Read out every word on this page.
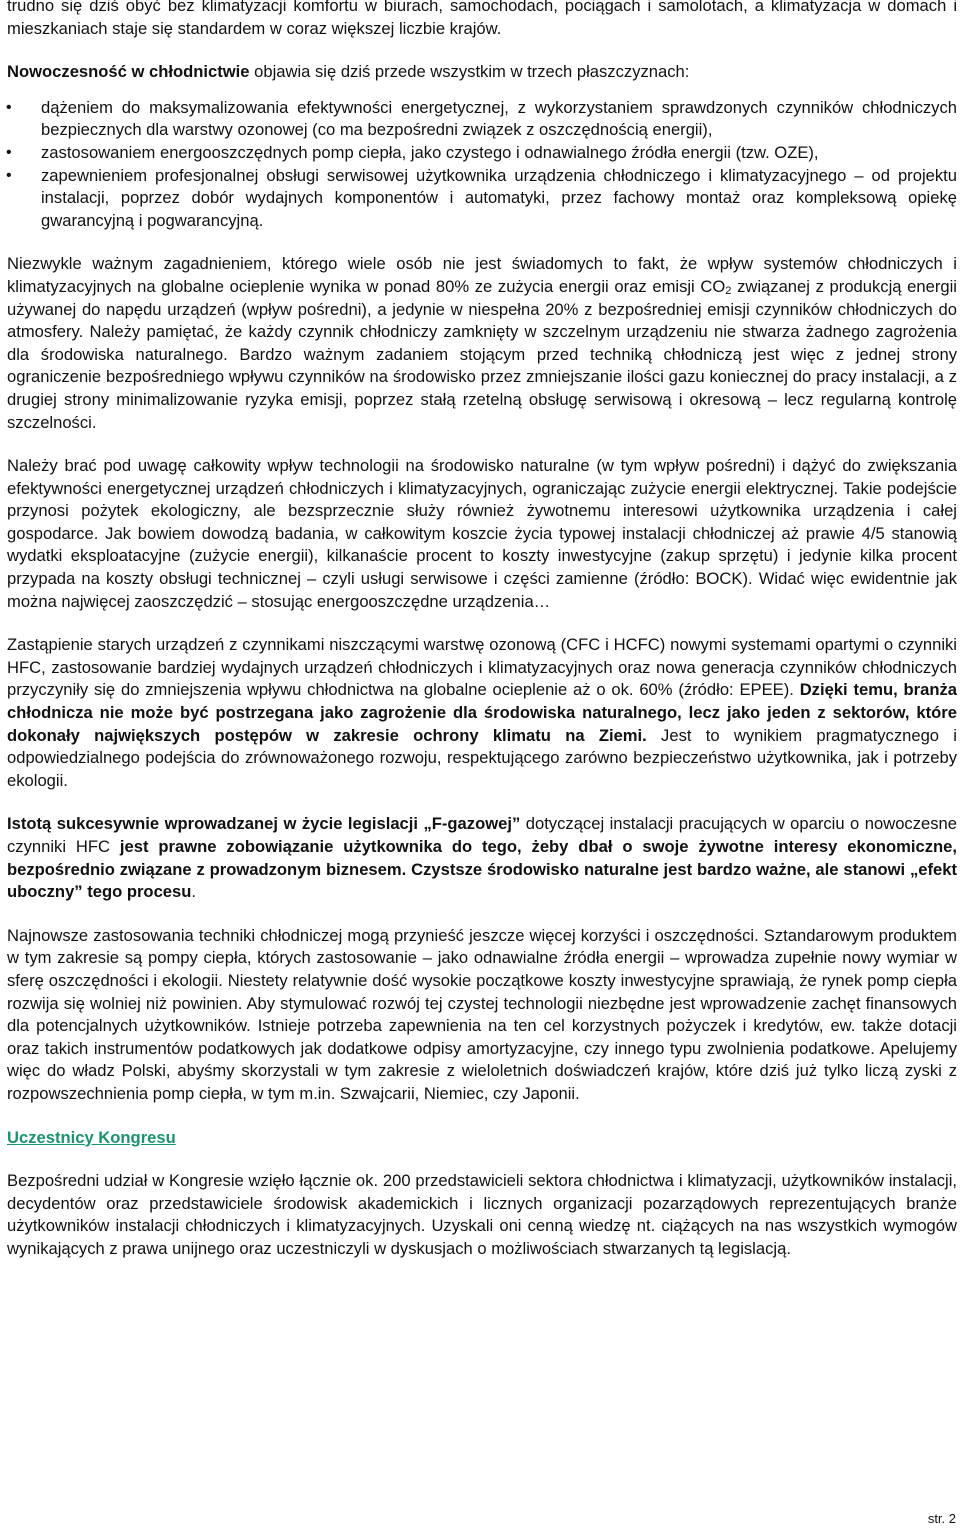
trudno się dziś obyć bez klimatyzacji komfortu w biurach, samochodach, pociągach i samolotach, a klimatyzacja w domach i mieszkaniach staje się standardem w coraz większej liczbie krajów.

Nowoczesność w chłodnictwie objawia się dziś przede wszystkim w trzech płaszczyznach:

• dążeniem do maksymalizowania efektywności energetycznej, z wykorzystaniem sprawdzonych czynników chłodniczych bezpiecznych dla warstwy ozonowej (co ma bezpośredni związek z oszczędnością energii),
• zastosowaniem energooszczędnych pomp ciepła, jako czystego i odnawialnego źródła energii (tzw. OZE),
• zapewnieniem profesjonalnej obsługi serwisowej użytkownika urządzenia chłodniczego i klimatyzacyjnego – od projektu instalacji, poprzez dobór wydajnych komponentów i automatyki, przez fachowy montaż oraz kompleksową opiekę gwarancyjną i pogwarancyjną.

Niezwykle ważnym zagadnieniem, którego wiele osób nie jest świadomych to fakt, że wpływ systemów chłodniczych i klimatyzacyjnych na globalne ocieplenie wynika w ponad 80% ze zużycia energii oraz emisji $CO_2$ związanej z produkcją energii używanej do napędu urządzeń (wpływ pośredni), a jedynie w niespełna 20% z bezpośredniej emisji czynników chłodniczych do atmosfery. Należy pamiętać, że każdy czynnik chłodniczy zamknięty w szczelnym urządzeniu nie stwarza żadnego zagrożenia dla środowiska naturalnego. Bardzo ważnym zadaniem stojącym przed techniką chłodniczą jest więc z jednej strony ograniczenie bezpośredniego wpływu czynników na środowisko przez zmniejszanie ilości gazu koniecznej do pracy instalacji, a z drugiej strony minimalizowanie ryzyka emisji, poprzez stałą rzetelną obsługę serwisową i okresową – lecz regularną kontrolę szczelności.

Należy brać pod uwagę całkowity wpływ technologii na środowisko naturalne (w tym wpływ pośredni) i dążyć do zwiększania efektywności energetycznej urządzeń chłodniczych i klimatyzacyjnych, ograniczając zużycie energii elektrycznej. Takie podejście przynosi pożytek ekologiczny, ale bezsprzecznie służy również żywotnemu interesowi użytkownika urządzenia i całej gospodarce. Jak bowiem dowodzą badania, w całkowitym koszcie życia typowej instalacji chłodniczej aż prawie 4/5 stanowią wydatki eksploatacyjne (zużycie energii), kilkanaście procent to koszty inwestycyjne (zakup sprzętu) i jedynie kilka procent przypada na koszty obsługi technicznej – czyli usługi serwisowe i części zamienne (źródło: BOCK). Widać więc ewidentnie jak można najwięcej zaoszczędzić – stosując energooszczędne urządzenia…

Zastąpienie starych urządzeń z czynnikami niszczącymi warstwę ozonową (CFC i HCFC) nowymi systemami opartymi o czynniki HFC, zastosowanie bardziej wydajnych urządzeń chłodniczych i klimatyzacyjnych oraz nowa generacja czynników chłodniczych przyczyniły się do zmniejszenia wpływu chłodnictwa na globalne ocieplenie aż o ok. 60% (źródło: EPEE). Dzięki temu, branża chłodnicza nie może być postrzegana jako zagrożenie dla środowiska naturalnego, lecz jako jeden z sektorów, które dokonały największych postępów w zakresie ochrony klimatu na Ziemi. Jest to wynikiem pragmatycznego i odpowiedzialnego podejścia do zrównoważonego rozwoju, respektującego zarówno bezpieczeństwo użytkownika, jak i potrzeby ekologii.

Istotą sukcesywnie wprowadzanej w życie legislacji „F-gazowej” dotyczącej instalacji pracujących w oparciu o nowoczesne czynniki HFC jest prawne zobowiązanie użytkownika do tego, żeby dbał o swoje żywotne interesy ekonomiczne, bezpośrednio związane z prowadzonym biznesem. Czystsze środowisko naturalne jest bardzo ważne, ale stanowi „efekt uboczny” tego procesu.

Najnowsze zastosowania techniki chłodniczej mogą przynieść jeszcze więcej korzyści i oszczędności. Sztandarowym produktem w tym zakresie są pompy ciepła, których zastosowanie – jako odnawialne źródła energii – wprowadza zupełnie nowy wymiar w sferę oszczędności i ekologii. Niestety relatywnie dość wysokie początkowe koszty inwestycyjne sprawiają, że rynek pomp ciepła rozwija się wolniej niż powinien. Aby stymulować rozwój tej czystej technologii niezbędne jest wprowadzenie zachęt finansowych dla potencjalnych użytkowników. Istnieje potrzeba zapewnienia na ten cel korzystnych pożyczek i kredytów, ew. także dotacji oraz takich instrumentów podatkowych jak dodatkowe odpisy amortyzacyjne, czy innego typu zwolnienia podatkowe. Apelujemy więc do władz Polski, abyśmy skorzystali w tym zakresie z wieloletnich doświadczeń krajów, które dziś już tylko liczą zyski z rozpowszechnienia pomp ciepła, w tym m.in. Szwajcarii, Niemiec, czy Japonii.

Uczestnicy Kongresu

Bezpośredni udział w Kongresie wzięło łącznie ok. 200 przedstawicieli sektora chłodnictwa i klimatyzacji, użytkowników instalacji, decydentów oraz przedstawiciele środowisk akademickich i licznych organizacji pozarządowych reprezentujących branże użytkowników instalacji chłodniczych i klimatyzacyjnych. Uzyskali oni cenną wiedzę nt. ciążących na nas wszystkich wymogów wynikających z prawa unijnego oraz uczestniczyli w dyskusjach o możliwościach stwarzanych tą legislacją.

str. 2
